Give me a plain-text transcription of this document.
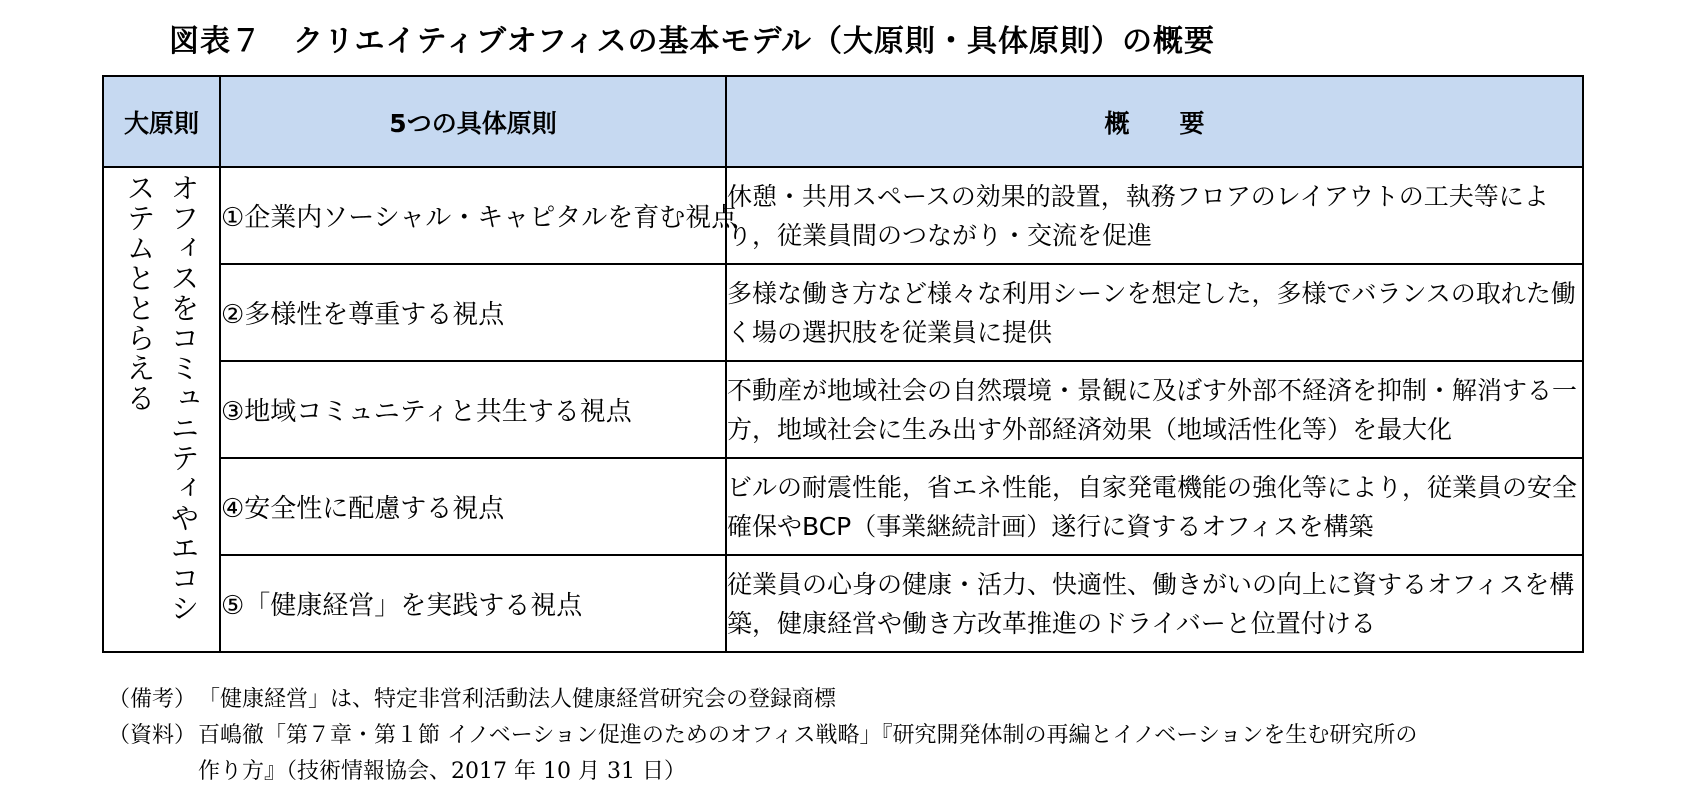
図表７　クリエイティブオフィスの基本モデル（大原則・具体原則）の概要
大原則	5つの具体原則	概　　要
オフィスをコミュニティやエコシステムととらえる	①企業内ソーシャル・キャピタルを育む視点	休憩・共用スペースの効果的設置，執務フロアのレイアウトの工夫等により，従業員間のつながり・交流を促進
	②多様性を尊重する視点	多様な働き方など様々な利用シーンを想定した，多様でバランスの取れた働く場の選択肢を従業員に提供
	③地域コミュニティと共生する視点	不動産が地域社会の自然環境・景観に及ぼす外部不経済を抑制・解消する一方，地域社会に生み出す外部経済効果（地域活性化等）を最大化
	④安全性に配慮する視点	ビルの耐震性能，省エネ性能，自家発電機能の強化等により，従業員の安全確保やBCP（事業継続計画）遂行に資するオフィスを構築
	⑤「健康経営」を実践する視点	従業員の心身の健康・活力、快適性、働きがいの向上に資するオフィスを構築，健康経営や働き方改革推進のドライバーと位置付ける
（備考） 「健康経営」は、特定非営利活動法人健康経営研究会の登録商標
（資料） 百嶋徹「第７章・第１節 イノベーション促進のためのオフィス戦略」『研究開発体制の再編とイノベーションを生む研究所の
作り方』（技術情報協会、2017 年 10 月 31 日）
